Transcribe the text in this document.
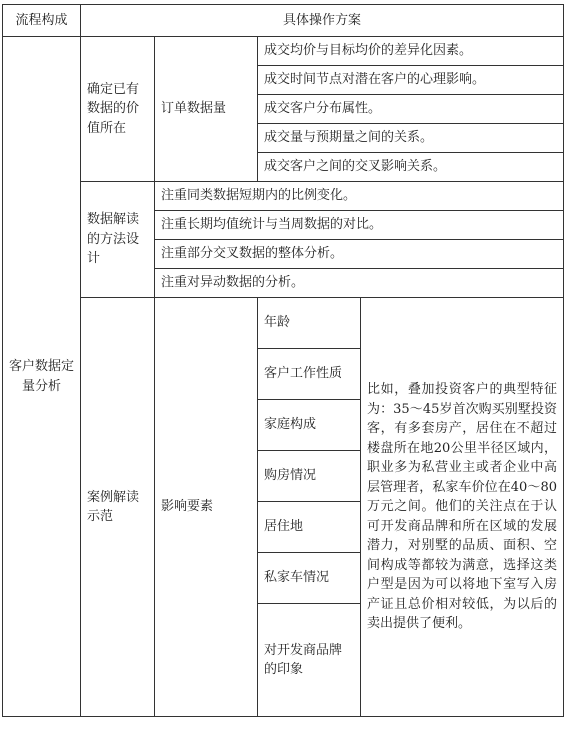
流程构成	具体操作方案			
客户数据定量分析	确定已有数据的价值所在	订单数据量	成交均价与目标均价的差异化因素。	
			成交时间节点对潜在客户的心理影响。	
			成交客户分布属性。	
			成交量与预期量之间的关系。	
			成交客户之间的交叉影响关系。	
	数据解读的方法设计	注重同类数据短期内的比例变化。		
		注重长期均值统计与当周数据的对比。		
		注重部分交叉数据的整体分析。		
		注重对异动数据的分析。		
	案例解读示范	影响要素	年龄	比如，叠加投资客户的典型特征为：35～45岁首次购买别墅投资客，有多套房产，居住在不超过楼盘所在地20公里半径区域内，职业多为私营业主或者企业中高层管理者，私家车价位在40～80万元之间。他们的关注点在于认可开发商品牌和所在区域的发展潜力，对别墅的品质、面积、空间构成等都较为满意，选择这类户型是因为可以将地下室写入房产证且总价相对较低，为以后的卖出提供了便利。
			客户工作性质	
			家庭构成	
			购房情况	
			居住地	
			私家车情况	
			对开发商品牌的印象	
